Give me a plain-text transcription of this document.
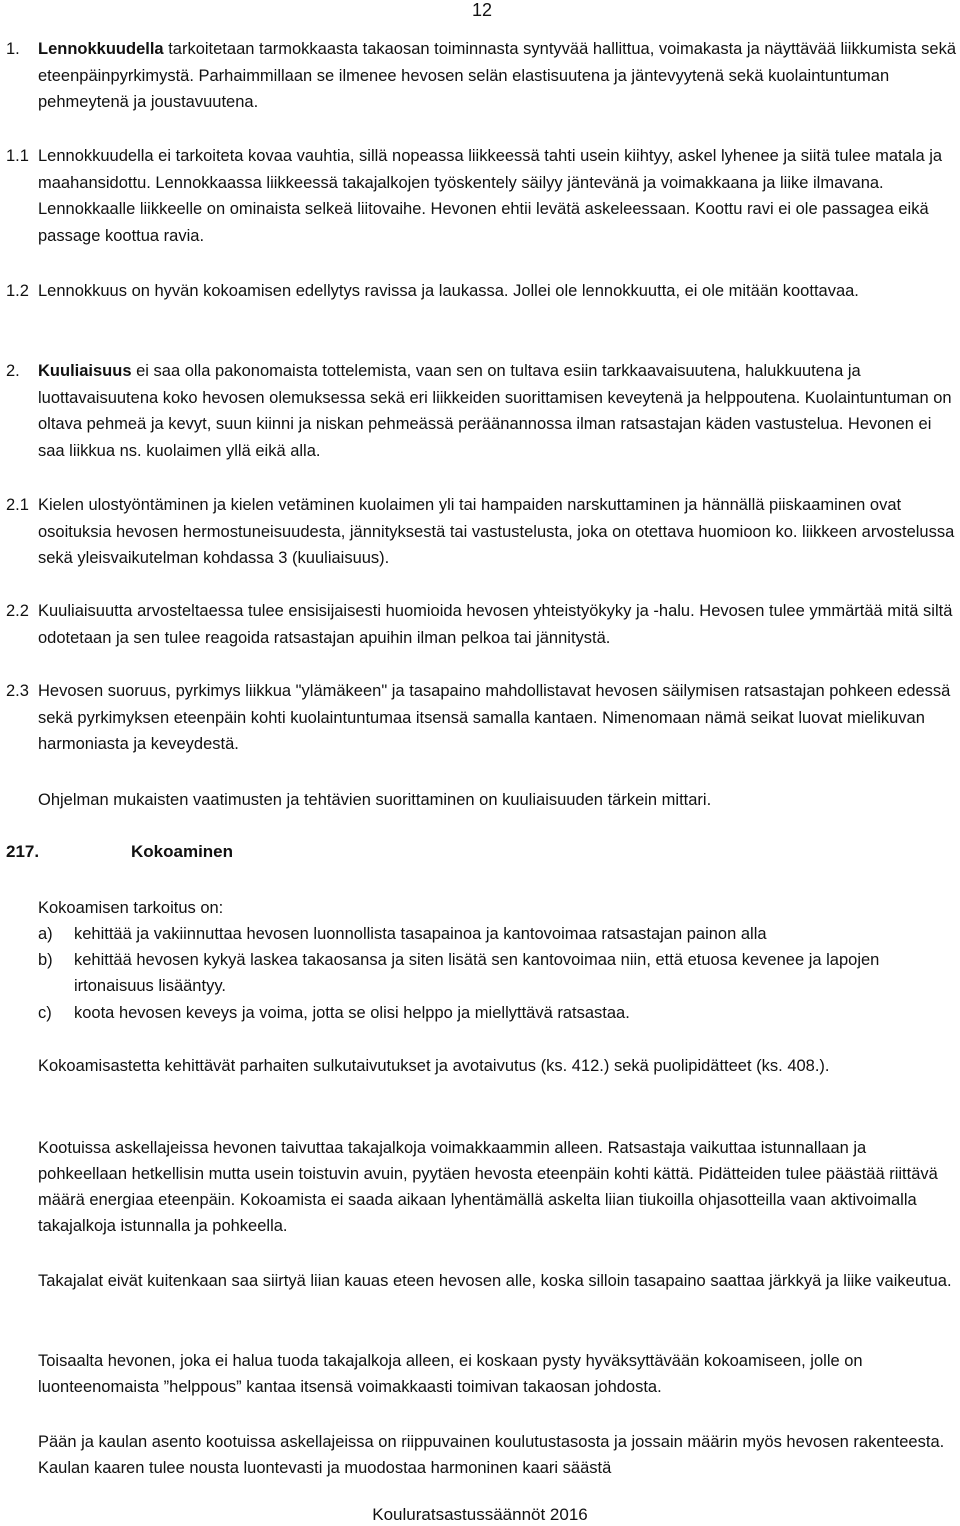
12
1. Lennokkuudella tarkoitetaan tarmokkaasta takaosan toiminnasta syntyvää hallittua, voimakasta ja näyttävää liikkumista sekä eteenpäinpyrkimystä. Parhaimmillaan se ilmenee hevosen selän elastisuutena ja jäntevyytenä sekä kuolaintuntuman pehmeytenä ja joustavuutena.
1.1 Lennokkuudella ei tarkoiteta kovaa vauhtia, sillä nopeassa liikkeessä tahti usein kiihtyy, askel lyhenee ja siitä tulee matala ja maahansidottu. Lennokkaassa liikkeessä takajalkojen työskentely säilyy jäntevänä ja voimakkaana ja liike ilmavana. Lennokkaalle liikkeelle on ominaista selkeä liitovaihe. Hevonen ehtii levätä askeleessaan. Koottu ravi ei ole passagea eikä passage koottua ravia.
1.2 Lennokkuus on hyvän kokoamisen edellytys ravissa ja laukassa. Jollei ole lennokkuutta, ei ole mitään koottavaa.
2. Kuuliaisuus ei saa olla pakonomaista tottelemista, vaan sen on tultava esiin tarkkaavaisuutena, halukkuutena ja luottavaisuutena koko hevosen olemuksessa sekä eri liikkeiden suorittamisen keveytenä ja helppoutena. Kuolaintuntuman on oltava pehmeä ja kevyt, suun kiinni ja niskan pehmeässä peräänannossa ilman ratsastajan käden vastustelua. Hevonen ei saa liikkua ns. kuolaimen yllä eikä alla.
2.1 Kielen ulostyöntäminen ja kielen vetäminen kuolaimen yli tai hampaiden narskuttaminen ja hännällä piiskaaminen ovat osoituksia hevosen hermostuneisuudesta, jännityksestä tai vastustelusta, joka on otettava huomioon ko. liikkeen arvostelussa sekä yleisvaikutelman kohdassa 3 (kuuliaisuus).
2.2 Kuuliaisuutta arvosteltaessa tulee ensisijaisesti huomioida hevosen yhteistyökyky ja -halu. Hevosen tulee ymmärtää mitä siltä odotetaan ja sen tulee reagoida ratsastajan apuihin ilman pelkoa tai jännitystä.
2.3 Hevosen suoruus, pyrkimys liikkua "ylämäkeen" ja tasapaino mahdollistavat hevosen säilymisen ratsastajan pohkeen edessä sekä pyrkimyksen eteenpäin kohti kuolaintuntumaa itsensä samalla kantaen. Nimenomaan nämä seikat luovat mielikuvan harmoniasta ja keveydestä.
Ohjelman mukaisten vaatimusten ja tehtävien suorittaminen on kuuliaisuuden tärkein mittari.
217.	Kokoaminen
Kokoamisen tarkoitus on:
a) kehittää ja vakiinnuttaa hevosen luonnollista tasapainoa ja kantovoimaa ratsastajan painon alla
b) kehittää hevosen kykyä laskea takaosansa ja siten lisätä sen kantovoimaa niin, että etuosa kevenee ja lapojen irtonaisuus lisääntyy.
c) koota hevosen keveys ja voima, jotta se olisi helppo ja miellyttävä ratsastaa.
Kokoamisastetta kehittävät parhaiten sulkutaivutukset ja avotaivutus (ks. 412.) sekä puolipidätteet (ks. 408.).
Kootuissa askellajeissa hevonen taivuttaa takajalkoja voimakkaammin alleen. Ratsastaja vaikuttaa istunnallaan ja pohkeellaan hetkellisin mutta usein toistuvin avuin, pyytäen hevosta eteenpäin kohti kättä. Pidätteiden tulee päästää riittävä määrä energiaa eteenpäin. Kokoamista ei saada aikaan lyhentämällä askelta liian tiukoilla ohjasotteilla vaan aktivoimalla takajalkoja istunnalla ja pohkeella.
Takajalat eivät kuitenkaan saa siirtyä liian kauas eteen hevosen alle, koska silloin tasapaino saattaa järkkyä ja liike vaikeutua.
Toisaalta hevonen, joka ei halua tuoda takajalkoja alleen, ei koskaan pysty hyväksyttävään kokoamiseen, jolle on luonteenomaista ”helppous” kantaa itsensä voimakkaasti toimivan takaosan johdosta.
Pään ja kaulan asento kootuissa askellajeissa on riippuvainen koulutustasosta ja jossain määrin myös hevosen rakenteesta. Kaulan kaaren tulee nousta luontevasti ja muodostaa harmoninen kaari säästä
Kouluratsastussäännöt 2016
